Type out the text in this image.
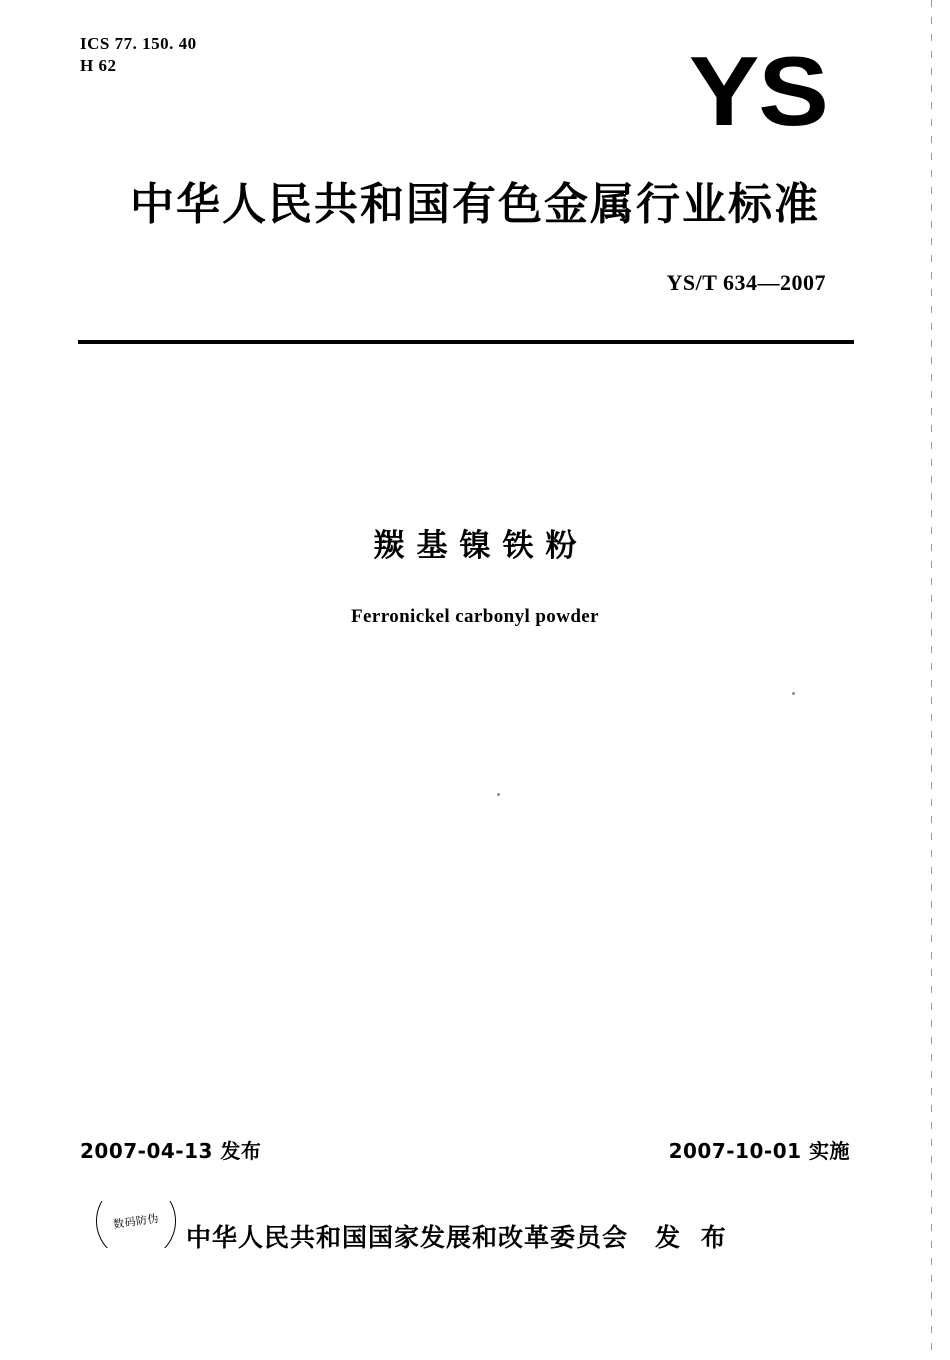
ICS 77. 150. 40
H 62	YS
中华人民共和国有色金属行业标准
YS/T 634—2007
羰基镍铁粉
Ferronickel carbonyl powder
2007-04-13 发布	2007-10-01 实施
数码防伪
中华人民共和国国家发展和改革委员会 发 布
